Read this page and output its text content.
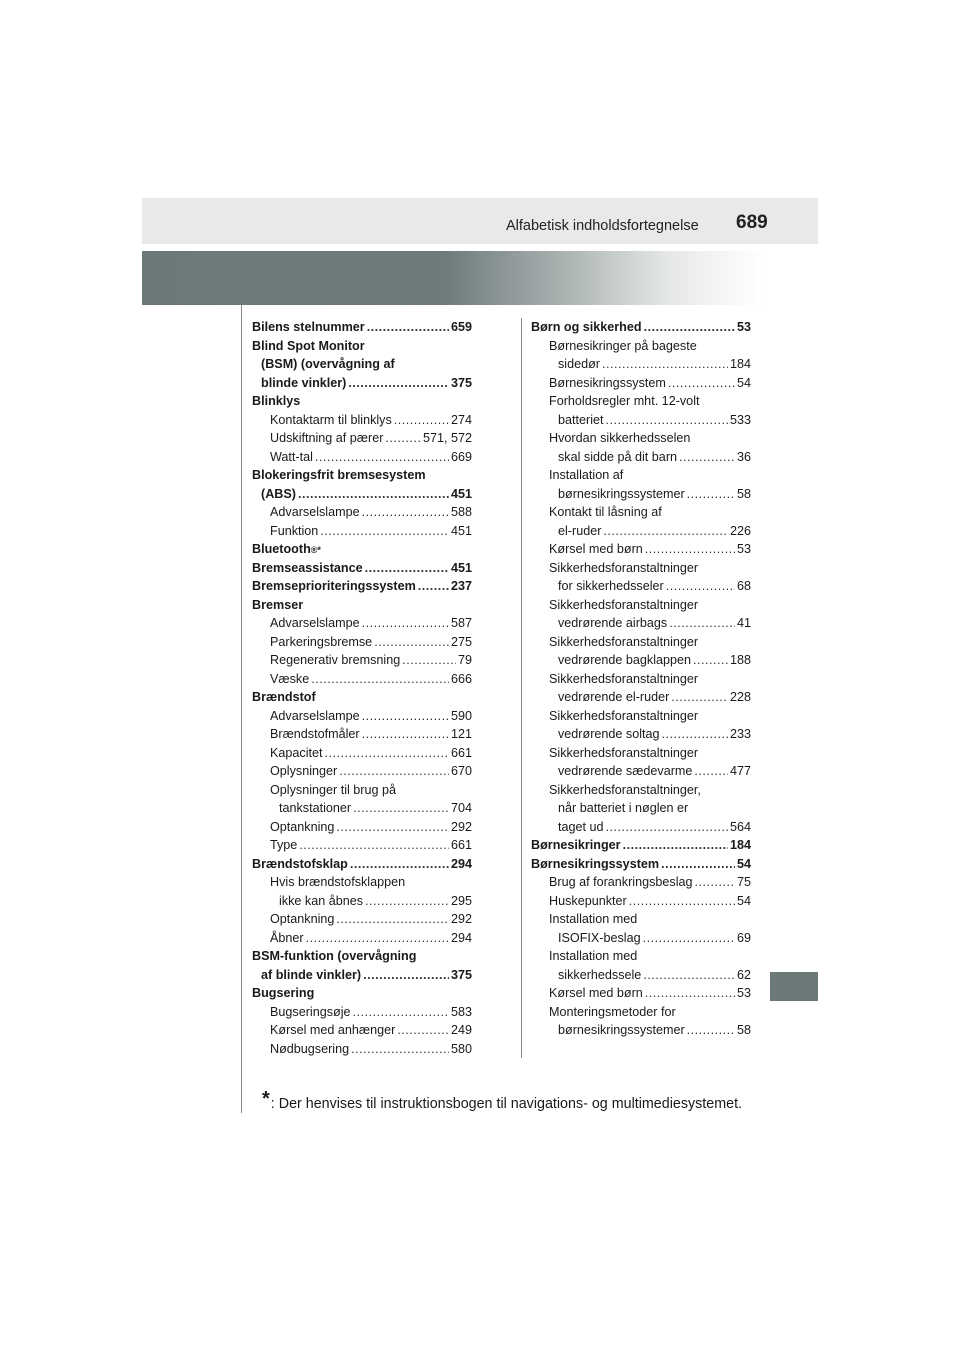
Alfabetisk indholdsfortegnelse 689
Bilens stelnummer .....	659
Blind Spot Monitor
(BSM) (overvågning af
blinde vinkler) .....	375
Blinklys
Kontaktarm til blinklys .....	274
Udskiftning af pærer .....	571, 572
Watt-tal .....	669
Blokeringsfrit bremsesystem
(ABS) .....	451
Advarselslampe .....	588
Funktion .....	451
Bluetooth ®*
Bremseassistance .....	451
Bremseprioriteringssystem .....	237
Bremser
Advarselslampe .....	587
Parkeringsbremse .....	275
Regenerativ bremsning .....	79
Væske .....	666
Brændstof
Advarselslampe .....	590
Brændstofmåler .....	121
Kapacitet .....	661
Oplysninger .....	670
Oplysninger til brug på
tankstationer .....	704
Optankning .....	292
Type .....	661
Brændstofsklap .....	294
Hvis brændstofsklappen
ikke kan åbnes .....	295
Optankning .....	292
Åbner .....	294
BSM-funktion (overvågning
af blinde vinkler) .....	375
Bugsering
Bugseringsøje .....	583
Kørsel med anhænger .....	249
Nødbugsering .....	580
Børn og sikkerhed .....	53
Børnesikringer på bageste
sidedør .....	184
Børnesikringssystem .....	54
Forholdsregler mht. 12-volt
batteriet .....	533
Hvordan sikkerhedsselen
skal sidde på dit barn .....	36
Installation af
børnesikringssystemer .....	58
Kontakt til låsning af
el-ruder .....	226
Kørsel med børn .....	53
Sikkerhedsforanstaltninger
for sikkerhedsseler .....	68
Sikkerhedsforanstaltninger
vedrørende airbags .....	41
Sikkerhedsforanstaltninger
vedrørende bagklappen .....	188
Sikkerhedsforanstaltninger
vedrørende el-ruder .....	228
Sikkerhedsforanstaltninger
vedrørende soltag .....	233
Sikkerhedsforanstaltninger
vedrørende sædevarme .....	477
Sikkerhedsforanstaltninger,
når batteriet i nøglen er
taget ud .....	564
Børnesikringer .....	184
Børnesikringssystem .....	54
Brug af forankringsbeslag .....	75
Huskepunkter .....	54
Installation med
ISOFIX-beslag .....	69
Installation med
sikkerhedssele .....	62
Kørsel med børn .....	53
Monteringsmetoder for
børnesikringssystemer .....	58
*: Der henvises til instruktionsbogen til navigations- og multimediesystemet.
